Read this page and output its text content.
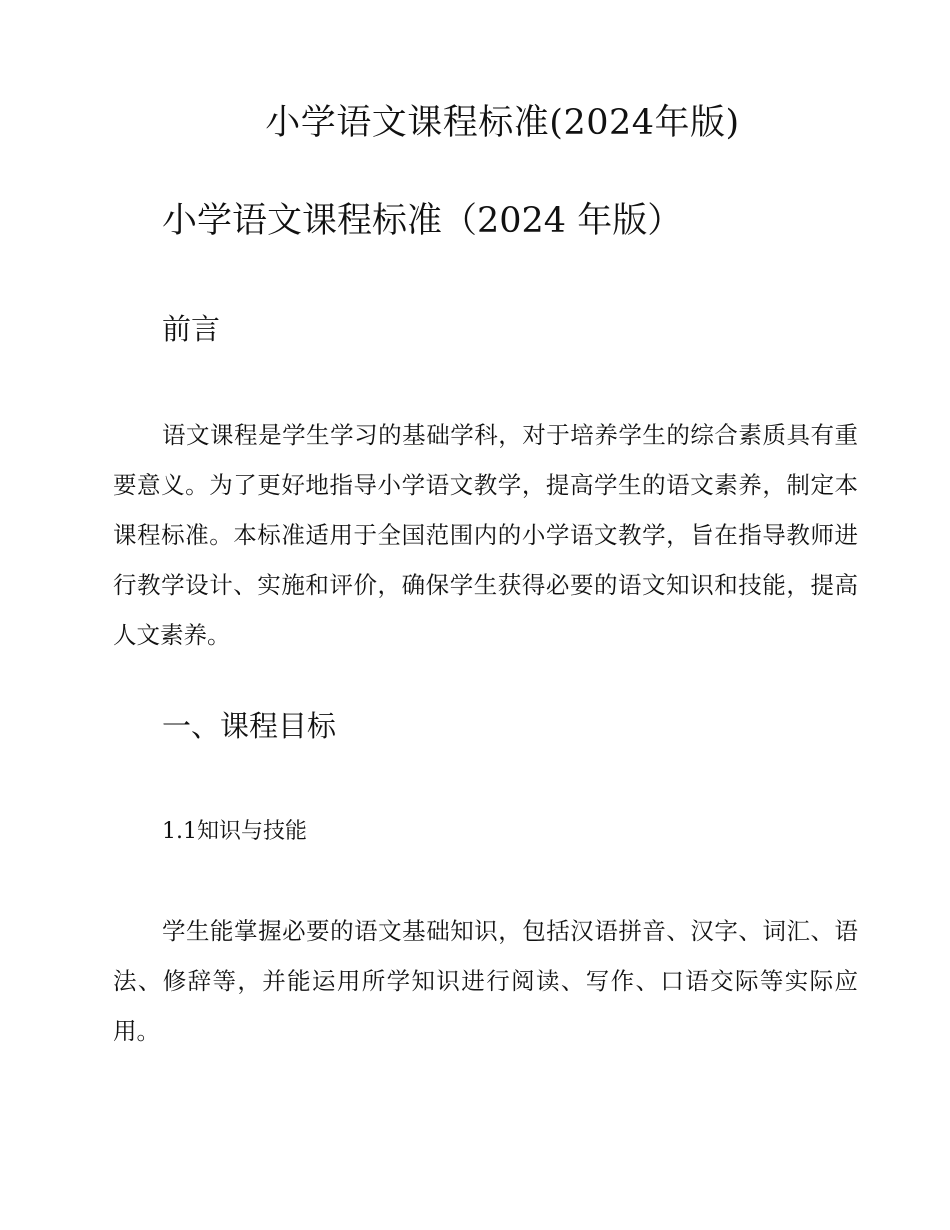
小学语文课程标准(2024年版)
小学语文课程标准（2024 年版）
前言

语文课程是学生学习的基础学科，对于培养学生的综合素质具有重要意义。为了更好地指导小学语文教学，提高学生的语文素养，制定本课程标准。本标准适用于全国范围内的小学语文教学，旨在指导教师进行教学设计、实施和评价，确保学生获得必要的语文知识和技能，提高人文素养。

一、课程目标
1.1知识与技能

学生能掌握必要的语文基础知识，包括汉语拼音、汉字、词汇、语法、修辞等，并能运用所学知识进行阅读、写作、口语交际等实际应用。
